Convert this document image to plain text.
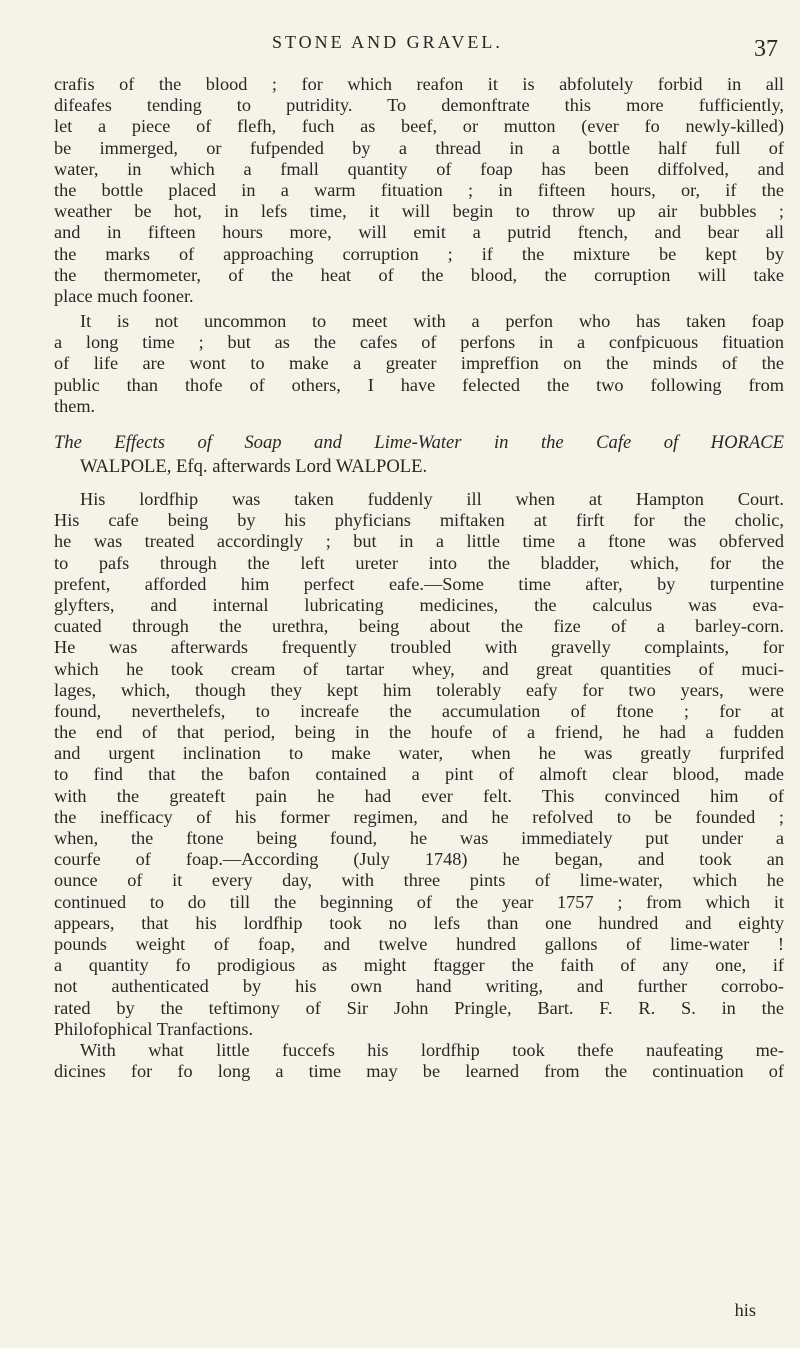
STONE AND GRAVEL.	37
crafis of the blood ; for which reafon it is abfolutely forbid in all
difeafes tending to putridity. To demonftrate this more fufficiently,
let a piece of flefh, fuch as beef, or mutton (ever fo newly-killed)
be immerged, or fufpended by a thread in a bottle half full of
water, in which a fmall quantity of foap has been diffolved, and
the bottle placed in a warm fituation ; in fifteen hours, or, if the
weather be hot, in lefs time, it will begin to throw up air bubbles ;
and in fifteen hours more, will emit a putrid ftench, and bear all
the marks of approaching corruption ; if the mixture be kept by
the thermometer, of the heat of the blood, the corruption will take
place much fooner.
It is not uncommon to meet with a perfon who has taken foap
a long time ; but as the cafes of perfons in a confpicuous fituation
of life are wont to make a greater impreffion on the minds of the
public than thofe of others, I have felected the two following from
them.
The Effects of Soap and Lime-Water in the Cafe of HORACE
WALPOLE, Efq. afterwards Lord WALPOLE.
His lordfhip was taken fuddenly ill when at Hampton Court.
His cafe being by his phyficians miftaken at firft for the cholic,
he was treated accordingly ; but in a little time a ftone was obferved
to pafs through the left ureter into the bladder, which, for the
prefent, afforded him perfect eafe.—Some time after, by turpentine
glyfters, and internal lubricating medicines, the calculus was eva-
cuated through the urethra, being about the fize of a barley-corn.
He was afterwards frequently troubled with gravelly complaints, for
which he took cream of tartar whey, and great quantities of muci-
lages, which, though they kept him tolerably eafy for two years, were
found, neverthelefs, to increafe the accumulation of ftone ; for at
the end of that period, being in the houfe of a friend, he had a fudden
and urgent inclination to make water, when he was greatly furprifed
to find that the bafon contained a pint of almoft clear blood, made
with the greateft pain he had ever felt. This convinced him of
the inefficacy of his former regimen, and he refolved to be founded ;
when, the ftone being found, he was immediately put under a
courfe of foap.—According (July 1748) he began, and took an
ounce of it every day, with three pints of lime-water, which he
continued to do till the beginning of the year 1757 ; from which it
appears, that his lordfhip took no lefs than one hundred and eighty
pounds weight of foap, and twelve hundred gallons of lime-water !
a quantity fo prodigious as might ftagger the faith of any one, if
not authenticated by his own hand writing, and further corrobo-
rated by the teftimony of Sir John Pringle, Bart. F. R. S. in the
Philofophical Tranfactions.
With what little fuccefs his lordfhip took thefe naufeating me-
dicines for fo long a time may be learned from the continuation of
his
